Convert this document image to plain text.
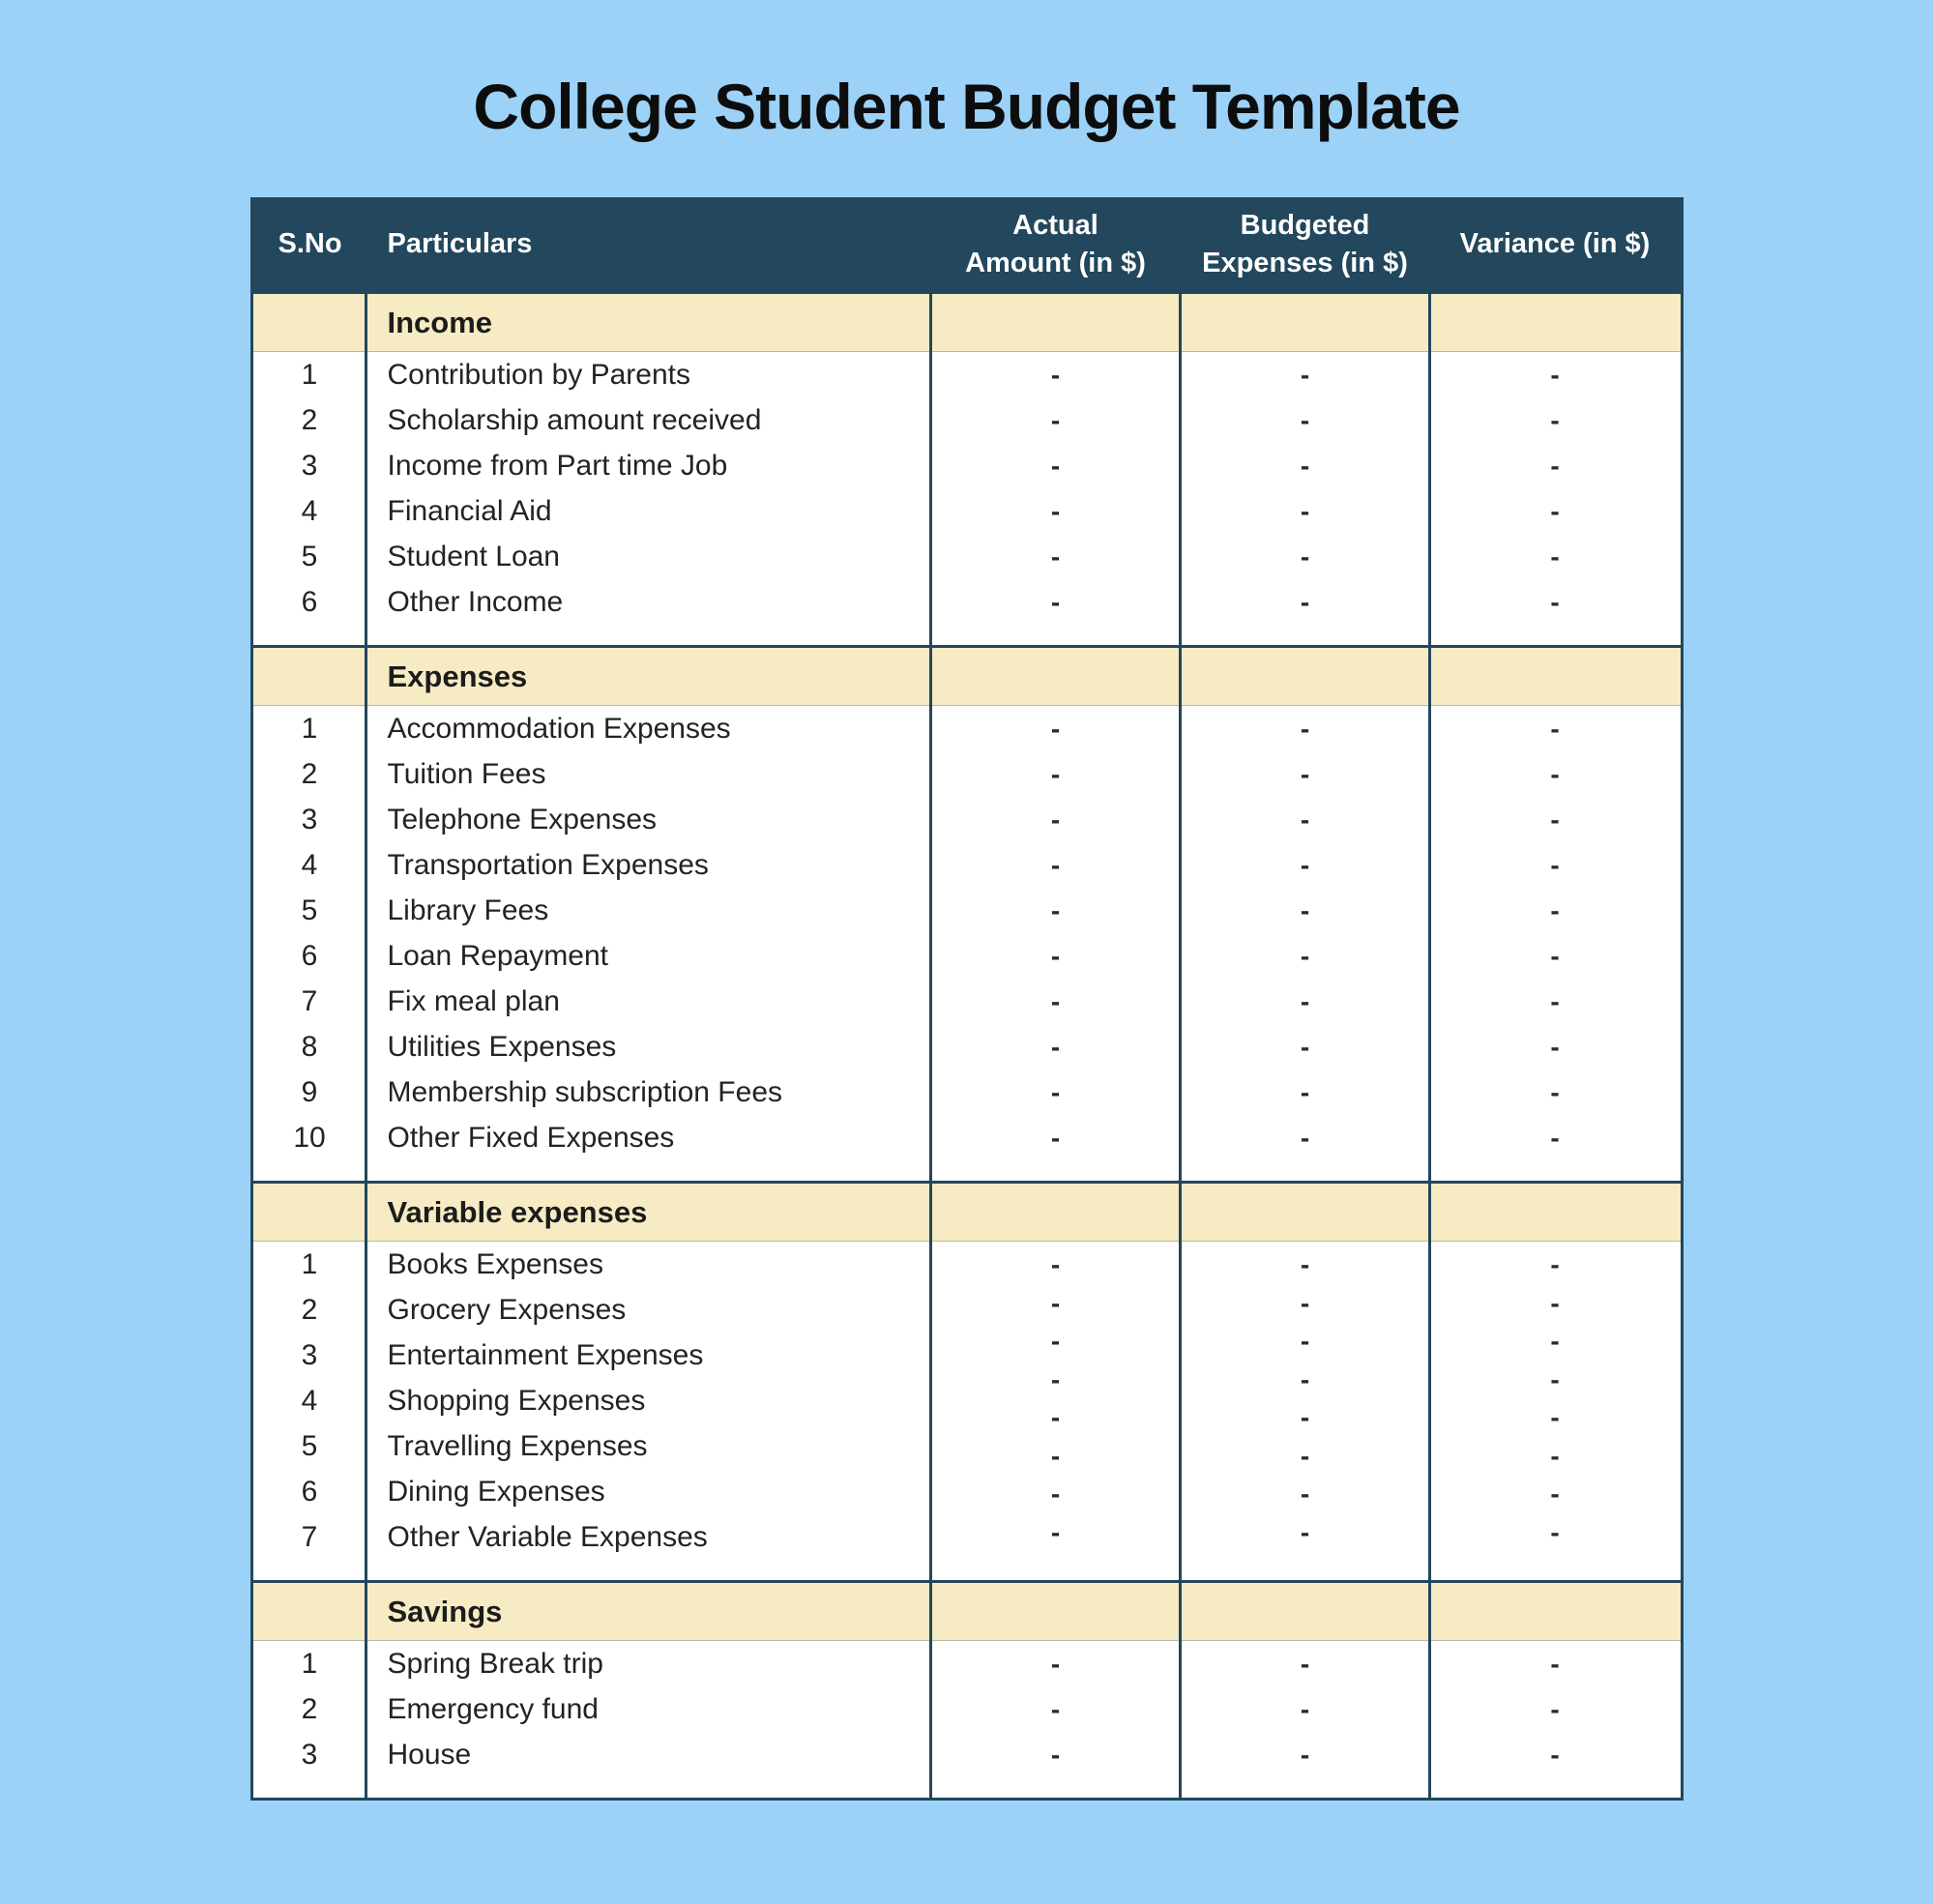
College Student Budget Template
S.No Particulars
Actual Amount (in $)
Budgeted Expenses (in $)
Variance (in $)
Income
1
2
3
4
5
6
Contribution by Parents
Scholarship amount received
Income from Part time Job
Financial Aid
Student Loan
Other Income
-
-
-
-
-
-
-
-
-
-
-
-
-
-
-
-
-
-
Expenses
1
2
3
4
5
6
7
8
9
10
Accommodation Expenses
Tuition Fees
Telephone Expenses
Transportation Expenses
Library Fees
Loan Repayment
Fix meal plan
Utilities Expenses
Membership subscription Fees
Other Fixed Expenses
-
-
-
-
-
-
-
-
-
-
-
-
-
-
-
-
-
-
-
-
-
-
-
-
-
-
-
-
-
-
Variable expenses
1
2
3
4
5
6
7
Books Expenses
Grocery Expenses
Entertainment Expenses
Shopping Expenses
Travelling Expenses
Dining Expenses
Other Variable Expenses
-
-
-
-
-
-
-
-
-
-
-
-
-
-
-
-
-
-
-
-
-
-
-
-
Savings
1
2
3
Spring Break trip
Emergency fund
House
-
-
-
-
-
-
-
-
-
